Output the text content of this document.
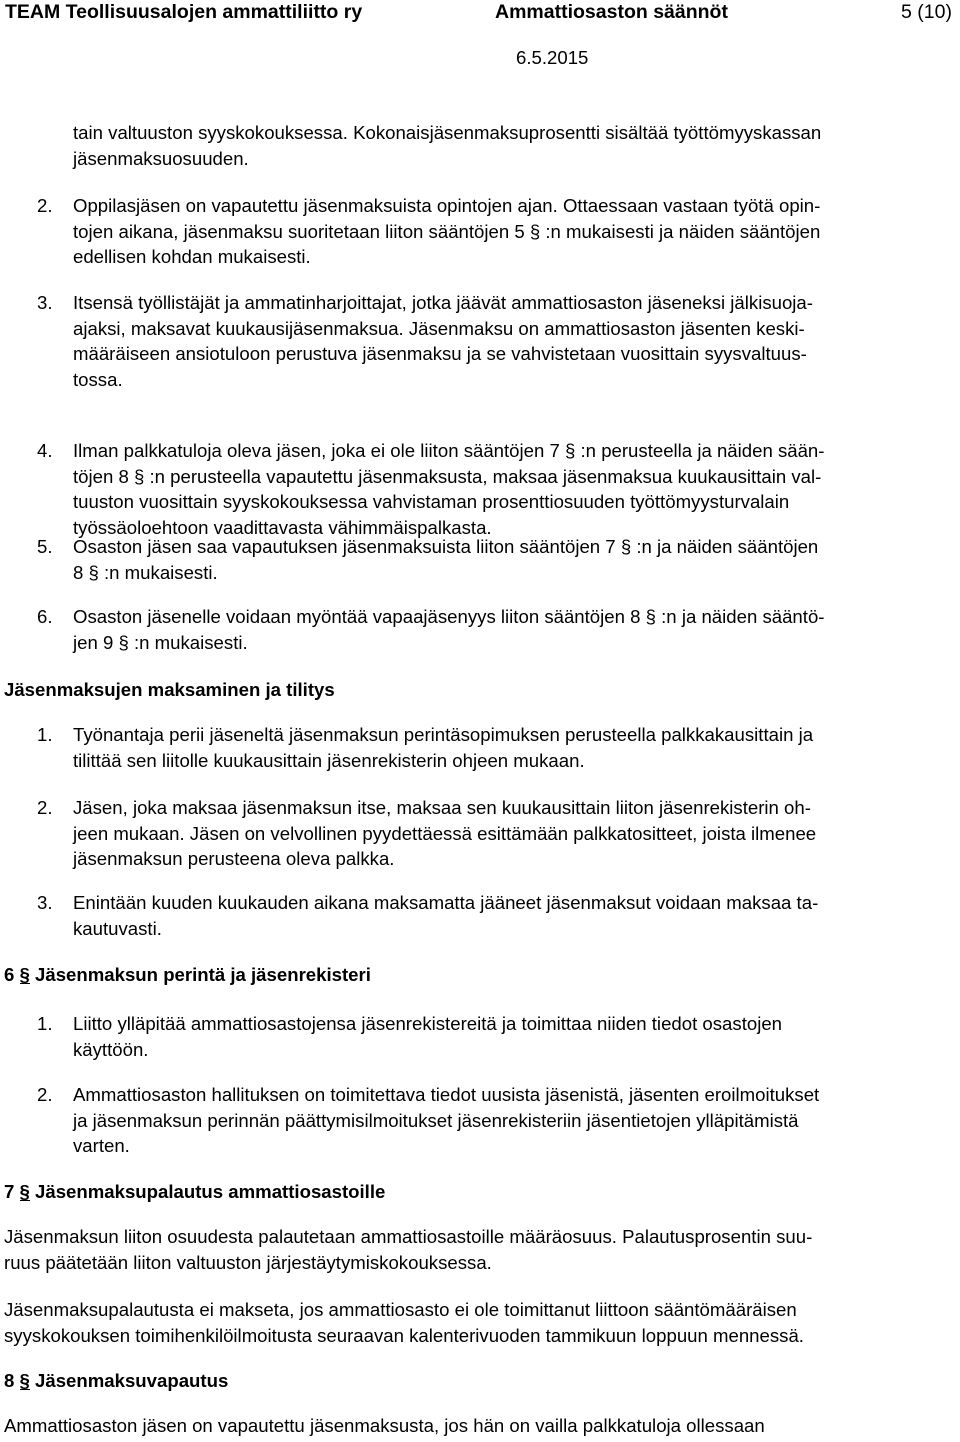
TEAM Teollisuusalojen ammattiliitto ry	Ammattiosaston säännöt	5 (10)
6.5.2015

tain valtuuston syyskokouksessa. Kokonaisjäsenmaksuprosentti sisältää työttömyyskassan jäsenmaksuosuuden.

2. Oppilasjäsen on vapautettu jäsenmaksuista opintojen ajan. Ottaessaan vastaan työtä opin-
tojen aikana, jäsenmaksu suoritetaan liiton sääntöjen 5 § :n mukaisesti ja näiden sääntöjen
edellisen kohdan mukaisesti.
3. Itsensä työllistäjät ja ammatinharjoittajat, jotka jäävät ammattiosaston jäseneksi jälkisuoja-
ajaksi, maksavat kuukausijäsenmaksua. Jäsenmaksu on ammattiosaston jäsenten keski-
määräiseen ansiotuloon perustuva jäsenmaksu ja se vahvistetaan vuosittain syysvaltuus-
tossa.
4. Ilman palkkatuloja oleva jäsen, joka ei ole liiton sääntöjen 7 § :n perusteella ja näiden sään-
töjen 8 § :n perusteella vapautettu jäsenmaksusta, maksaa jäsenmaksua kuukausittain val-
tuuston vuosittain syyskokouksessa vahvistaman prosenttiosuuden työttömyysturvalain
työssäoloehtoon vaadittavasta vähimmäispalkasta.
5. Osaston jäsen saa vapautuksen jäsenmaksuista liiton sääntöjen 7 § :n ja näiden sääntöjen
8 § :n mukaisesti.
6. Osaston jäsenelle voidaan myöntää vapaajäsenyys liiton sääntöjen 8 § :n ja näiden sääntö-
jen 9 § :n mukaisesti.
Jäsenmaksujen maksaminen ja tilitys
1. Työnantaja perii jäseneltä jäsenmaksun perintäsopimuksen perusteella palkkakausittain ja
tilittää sen liitolle kuukausittain jäsenrekisterin ohjeen mukaan.
2. Jäsen, joka maksaa jäsenmaksun itse, maksaa sen kuukausittain liiton jäsenrekisterin oh-
jeen mukaan. Jäsen on velvollinen pyydettäessä esittämään palkkatositteet, joista ilmenee
jäsenmaksun perusteena oleva palkka.
3. Enintään kuuden kuukauden aikana maksamatta jääneet jäsenmaksut voidaan maksaa ta-
kautuvasti.
6 § Jäsenmaksun perintä ja jäsenrekisteri
1. Liitto ylläpitää ammattiosastojensa jäsenrekistereitä ja toimittaa niiden tiedot osastojen
käyttöön.
2. Ammattiosaston hallituksen on toimitettava tiedot uusista jäsenistä, jäsenten eroilmoitukset
ja jäsenmaksun perinnän päättymisilmoitukset jäsenrekisteriin jäsentietojen ylläpitämistä
varten.
7 § Jäsenmaksupalautus ammattiosastoille
Jäsenmaksun liiton osuudesta palautetaan ammattiosastoille määräosuus. Palautusprosentin suu-
ruus päätetään liiton valtuuston järjestäytymiskokouksessa.
Jäsenmaksupalautusta ei makseta, jos ammattiosasto ei ole toimittanut liittoon sääntömääräisen
syyskokouksen toimihenkilöilmoitusta seuraavan kalenterivuoden tammikuun loppuun mennessä.
8 § Jäsenmaksuvapautus
Ammattiosaston jäsen on vapautettu jäsenmaksusta, jos hän on vailla palkkatuloja ollessaan
